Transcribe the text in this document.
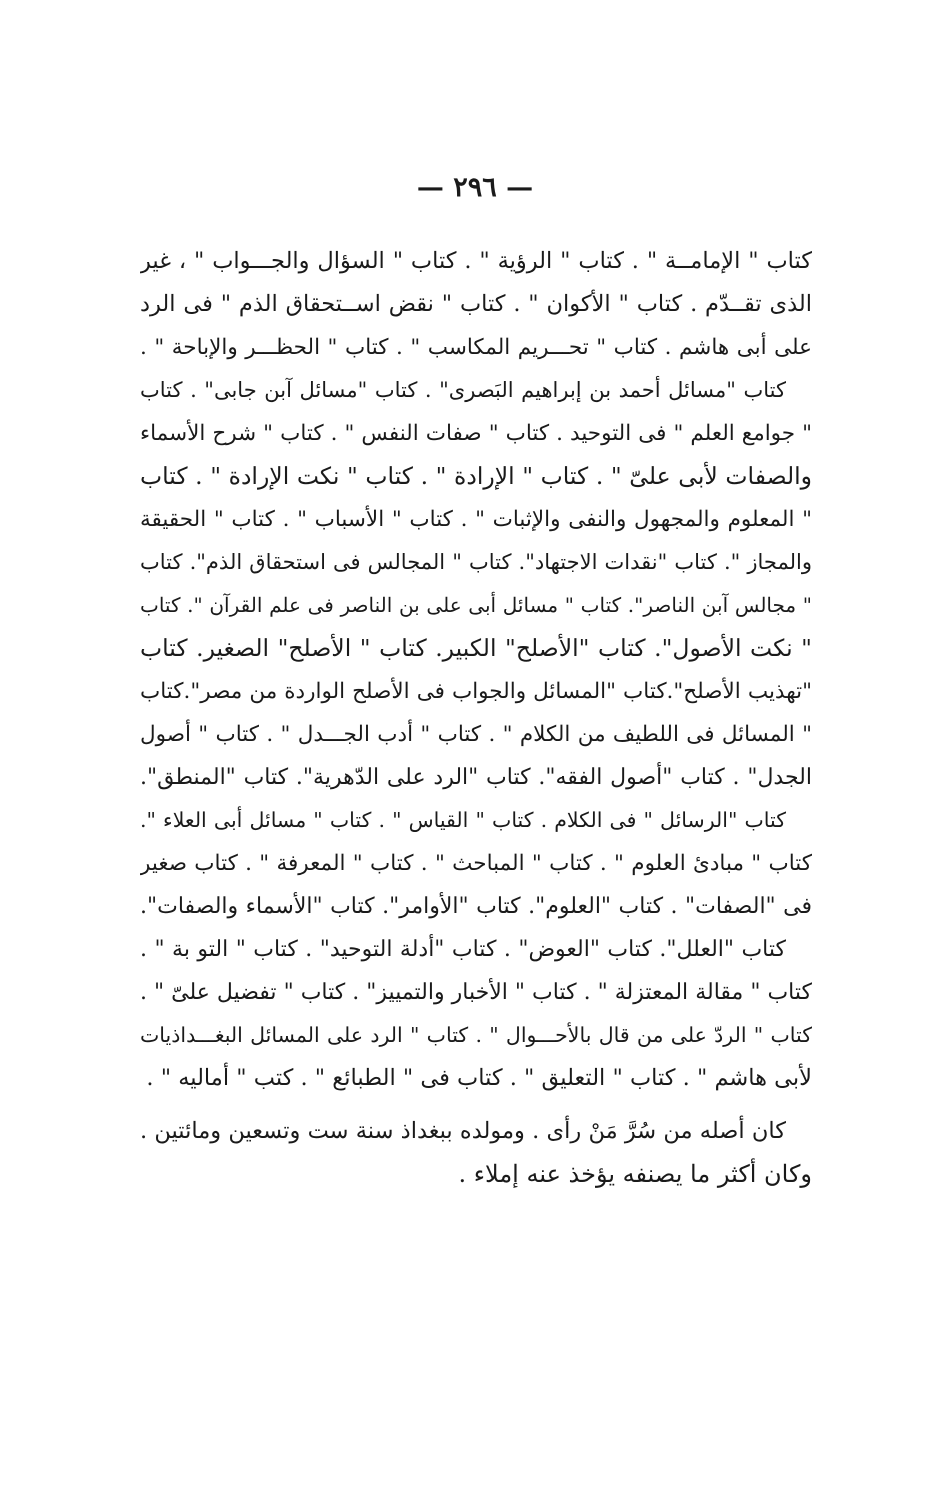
— ٢٩٦ —
كتاب " الإمامــة " . كتاب " الرؤية " . كتاب " السؤال والجـــواب " ، غير
الذى تقــدّم . كتاب " الأكوان " . كتاب " نقض اســتحقاق الذم " فى الرد
على أبى هاشم . كتاب " تحـــريم المكاسب " . كتاب " الحظـــر والإباحة " .
كتاب "مسائل أحمد بن إبراهيم البَصرى" . كتاب "مسائل آبن جابى" . كتاب
" جوامع العلم " فى التوحيد . كتاب " صفات النفس " . كتاب " شرح الأسماء
والصفات لأبى علىّ " . كتاب " الإرادة " . كتاب " نكت الإرادة " . كتاب
" المعلوم والمجهول والنفى والإثبات " . كتاب " الأسباب " . كتاب " الحقيقة
والمجاز ". كتاب "نقدات الاجتهاد". كتاب " المجالس فى استحقاق الذم". كتاب
" مجالس آبن الناصر". كتاب " مسائل أبى على بن الناصر فى علم القرآن ". كتاب
" نكت الأصول". كتاب "الأصلح" الكبير. كتاب " الأصلح" الصغير. كتاب
"تهذيب الأصلح".كتاب "المسائل والجواب فى الأصلح الواردة من مصر".كتاب
" المسائل فى اللطيف من الكلام " . كتاب " أدب الجـــدل " . كتاب " أصول
الجدل" . كتاب "أصول الفقه". كتاب "الرد على الدّهرية". كتاب "المنطق".
كتاب "الرسائل " فى الكلام . كتاب " القياس " . كتاب " مسائل أبى العلاء ".
كتاب " مبادئ العلوم " . كتاب " المباحث " . كتاب " المعرفة " . كتاب صغير
فى "الصفات" . كتاب "العلوم". كتاب "الأوامر". كتاب "الأسماء والصفات".
كتاب "العلل". كتاب "العوض" . كتاب "أدلة التوحيد" . كتاب " التو بة " .
كتاب " مقالة المعتزلة " . كتاب " الأخبار والتمييز" . كتاب " تفضيل علىّ " .
كتاب " الردّ على من قال بالأحـــوال " . كتاب " الرد على المسائل البغـــداذيات
لأبى هاشم " . كتاب " التعليق " . كتاب فى " الطبائع " . كتب " أماليه " .
كان أصله من سُرَّ مَنْ رأى . ومولده ببغداذ سنة ست وتسعين ومائتين .
وكان أكثر ما يصنفه يؤخذ عنه إملاء .
